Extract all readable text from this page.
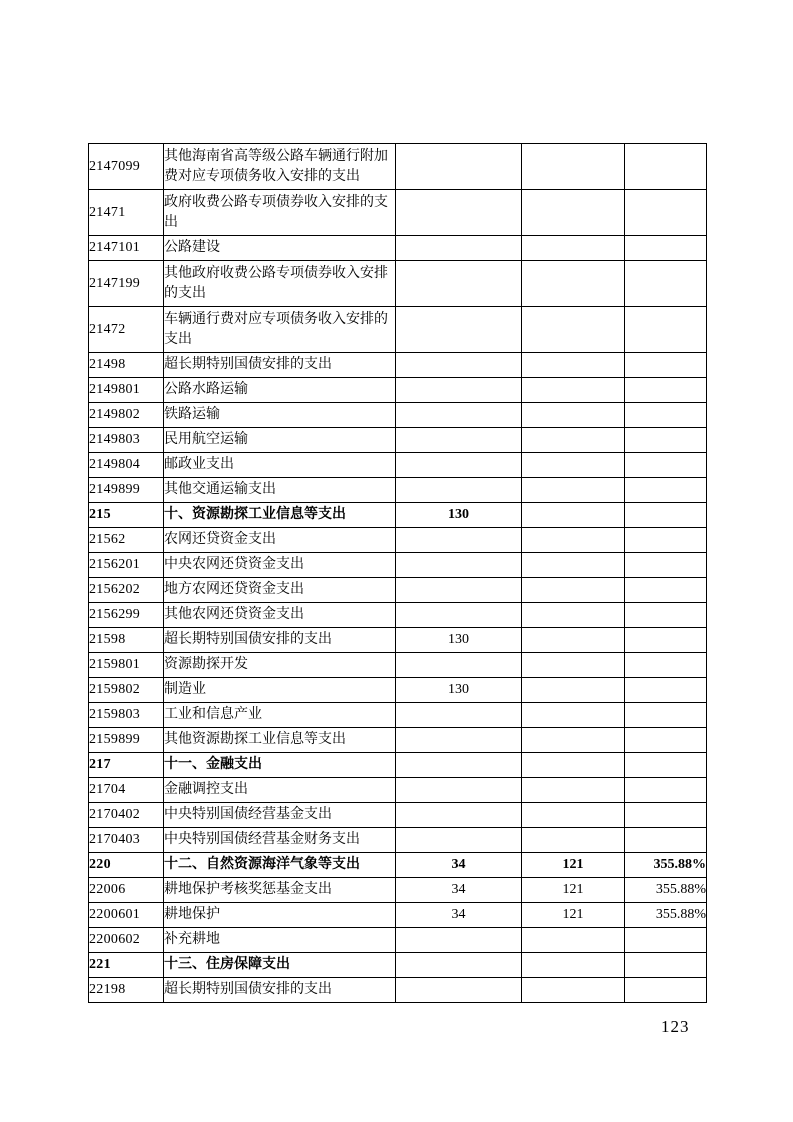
2147099	其他海南省高等级公路车辆通行附加费对应专项债务收入安排的支出			
21471	政府收费公路专项债券收入安排的支出			
2147101	公路建设			
2147199	其他政府收费公路专项债券收入安排的支出			
21472	车辆通行费对应专项债务收入安排的支出			
21498	超长期特别国债安排的支出			
2149801	公路水路运输			
2149802	铁路运输			
2149803	民用航空运输			
2149804	邮政业支出			
2149899	其他交通运输支出			
215	十、资源勘探工业信息等支出	130		
21562	农网还贷资金支出			
2156201	中央农网还贷资金支出			
2156202	地方农网还贷资金支出			
2156299	其他农网还贷资金支出			
21598	超长期特别国债安排的支出	130		
2159801	资源勘探开发			
2159802	制造业	130		
2159803	工业和信息产业			
2159899	其他资源勘探工业信息等支出			
217	十一、金融支出			
21704	金融调控支出			
2170402	中央特别国债经营基金支出			
2170403	中央特别国债经营基金财务支出			
220	十二、自然资源海洋气象等支出	34	121	355.88%
22006	耕地保护考核奖惩基金支出	34	121	355.88%
2200601	耕地保护	34	121	355.88%
2200602	补充耕地			
221	十三、住房保障支出			
22198	超长期特别国债安排的支出			
123
